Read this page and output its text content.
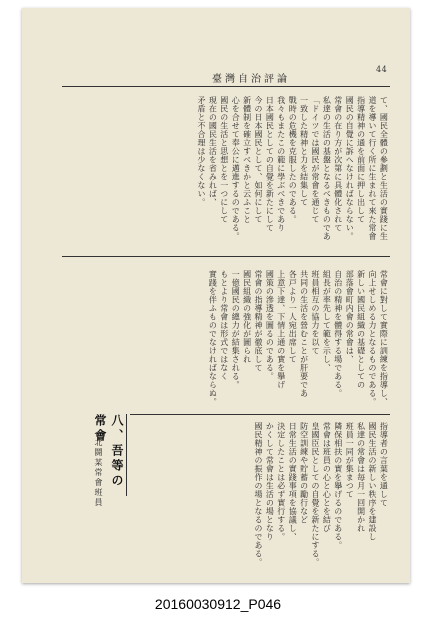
44
臺灣自治評論
て、國民全體の參劃と生活の實踐に生
道を導いて行く所に生まれて來た常會
指導精神の通を前面に押し出して
國民の自覺に訴へなければならない。
常會の在り方が次第に具體化されて
私達の生活の基盤となるべきものであ
「ドイツでは國民が常會を通じて
一致した精神と力を結集して
戰時の危機を克服したのである。
我々もまたこの範に學ぶべきであり
日本國民としての自覺を新たにして
今の日本國民として、如何にして
新體制を確立すべきかと云ふこと
心を合せて奉公に邁進するのである。
國民の生活と思想とを一つにして
現在の國民生活を省みれば、
矛盾と不合理は少なくない。
常會に對して實際に訓練を指導し、
向上せしめる力となるものである。
新しい國民組織の基礎としての
部落會町内會の常會は、
自治の精神を體得する場である。
組長が率先して範を示し、
班員相互の協力を以て
共同の生活を營むことが肝要であ
各戸より一人宛出席して
上意下達、下情上通の實を擧げ
國策の滲透を圖るのである。
常會の指導精神が徹底して
國民組織の強化が圖られ
一億國民の總力が結集される。
もとより常會は形式ではなく
實踐を伴ふものでなければならぬ。
八、吾等の常會
北鬪某常會班員	指導者の言葉を通して
國民生活の新しい秩序を建設し
私達の常會は毎月一回開かれ
班員一同が集まつて
隣保相扶の實を擧げるのである。
常會は班員の心と心とを結び
皇國臣民としての自覺を新たにする。
防空訓練や貯蓄の勵行など
日常生活の實踐事項を協議し、
決定したことは必ず實行する。
かくして常會は生活の場となり
國民精神の振作の場となるのである。
20160030912_P046
